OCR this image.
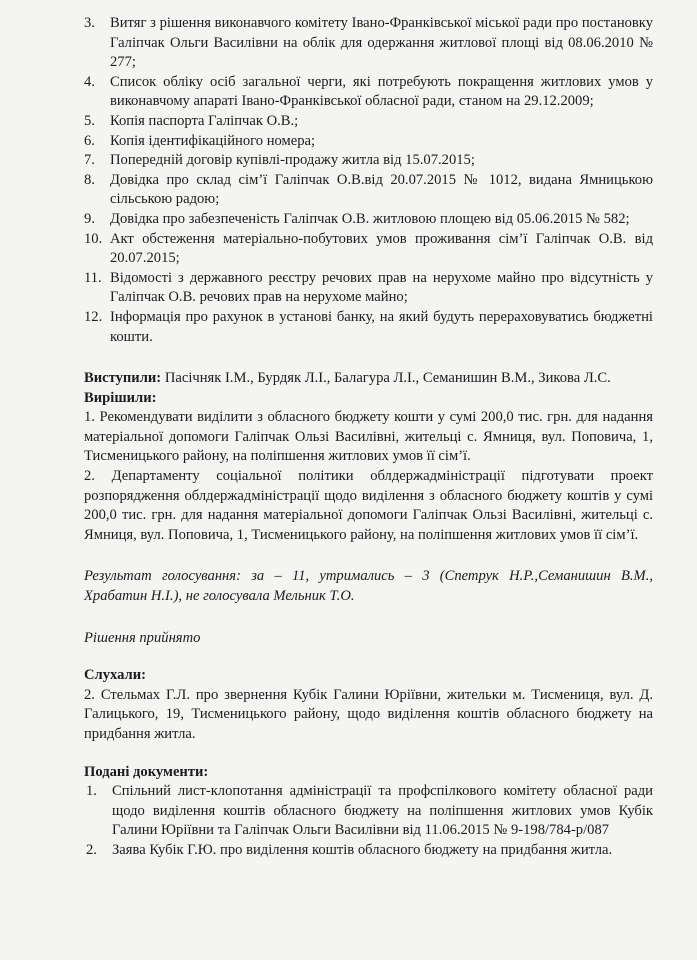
3.	Витяг з рішення виконавчого комітету Івано-Франківської міської ради про постановку Галіпчак Ольги Василівни на облік для одержання житлової площі від 08.06.2010 № 277;
4.	Список обліку осіб загальної черги, які потребують покращення житлових умов у виконавчому апараті Івано-Франківської обласної ради, станом на 29.12.2009;
5.	Копія паспорта Галіпчак О.В.;
6.	Копія ідентифікаційного номера;
7.	Попередній договір купівлі-продажу житла від 15.07.2015;
8.	Довідка про склад сім’ї Галіпчак О.В.від 20.07.2015 № 1012, видана Ямницькою сільською радою;
9.	Довідка про забезпеченість Галіпчак О.В. житловою площею від 05.06.2015 № 582;
10. Акт обстеження матеріально-побутових умов проживання сім’ї Галіпчак О.В. від 20.07.2015;
11. Відомості з державного реєстру речових прав на нерухоме майно про відсутність у Галіпчак О.В. речових прав на нерухоме майно;
12. Інформація про рахунок в установі банку, на який будуть перераховуватись бюджетні кошти.
Виступили: Пасічняк І.М., Бурдяк Л.І., Балагура Л.І., Семанишин В.М., Зикова Л.С.
Вирішили:
1. Рекомендувати виділити з обласного бюджету кошти у сумі 200,0 тис. грн. для надання матеріальної допомоги Галіпчак Ользі Василівні, жительці с. Ямниця, вул. Поповича, 1, Тисменицького району, на поліпшення житлових умов її сім’ї.
2. Департаменту соціальної політики облдержадміністрації підготувати проект розпорядження облдержадміністрації щодо виділення з обласного бюджету коштів у сумі 200,0 тис. грн. для надання матеріальної допомоги Галіпчак Ользі Василівні, жительці с. Ямниця, вул. Поповича, 1, Тисменицького району, на поліпшення житлових умов її сім’ї.
Результат голосування: за – 11, утримались – 3 (Спетрук Н.Р.,Семанишин В.М., Храбатин Н.І.), не голосувала Мельник Т.О.
Рішення прийнято
Слухали:
2. Стельмах Г.Л. про звернення Кубік Галини Юріївни, жительки м. Тисмениця, вул. Д. Галицького, 19, Тисменицького району, щодо виділення коштів обласного бюджету на придбання житла.
Подані документи:
1.	Спільний лист-клопотання адміністрації та профспілкового комітету обласної ради щодо виділення коштів обласного бюджету на поліпшення житлових умов Кубік Галини Юріївни та Галіпчак Ольги Василівни від 11.06.2015 № 9-198/784-р/087
2.	Заява Кубік Г.Ю. про виділення коштів обласного бюджету на придбання житла.
